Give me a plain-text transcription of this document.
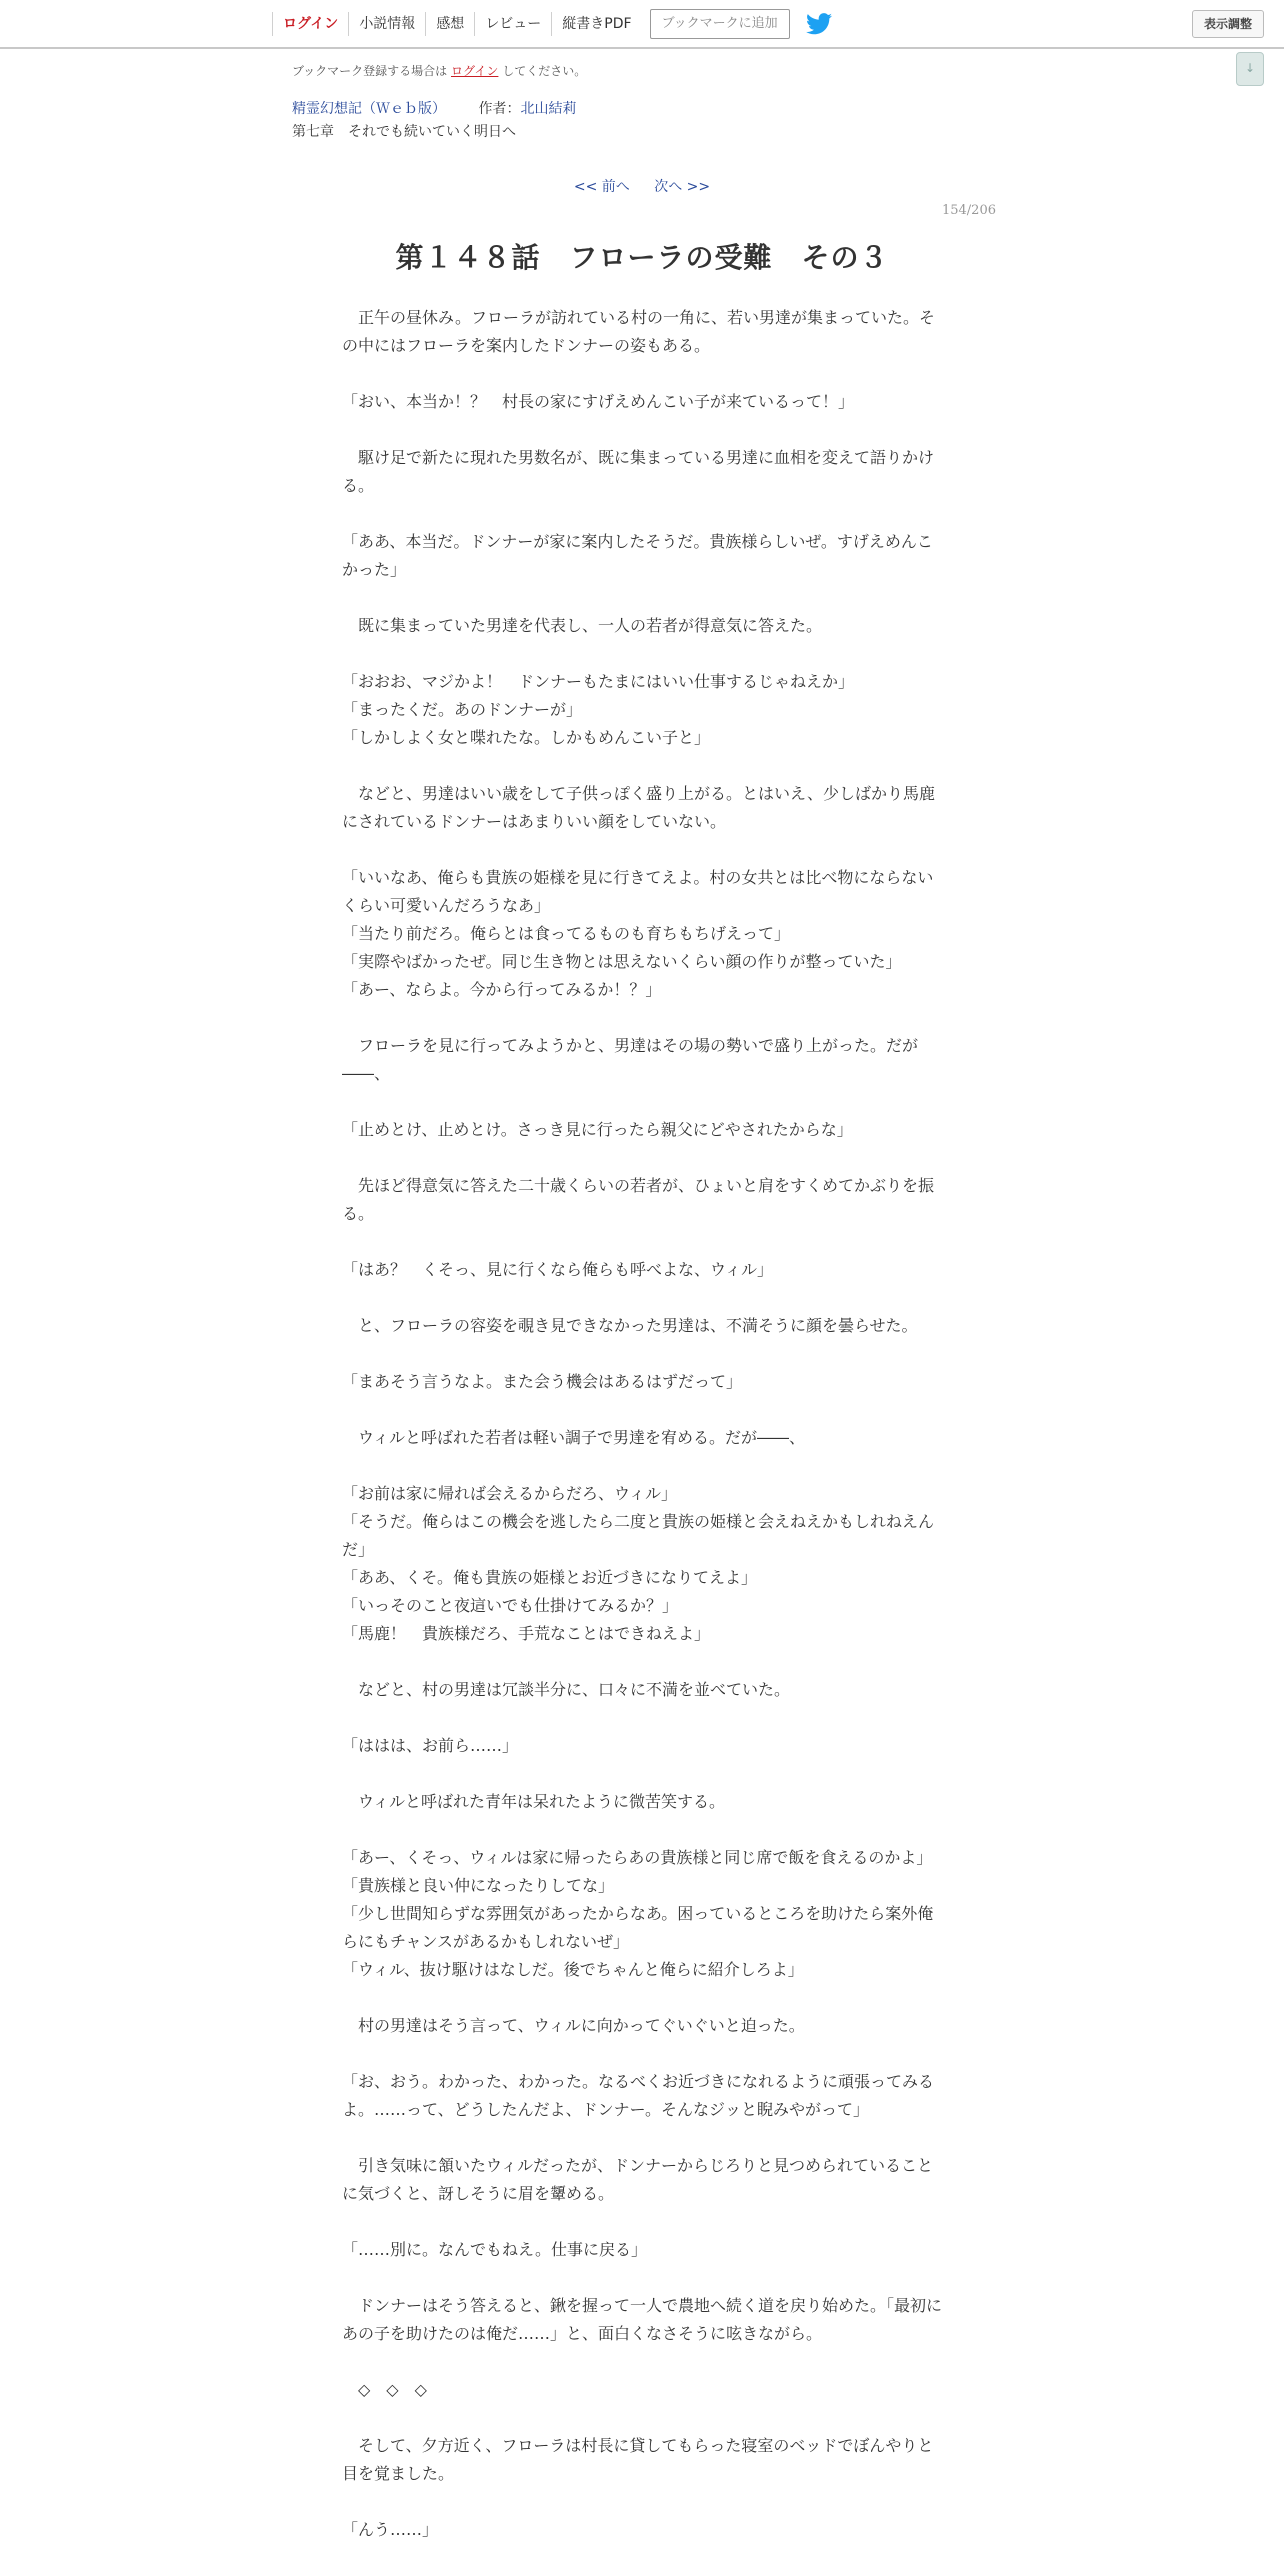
ログイン	小説情報	感想	レビュー	縦書きPDF	ブックマークに追加	表示調整
↓
ブックマーク登録する場合は ログイン してください。
精霊幻想記（Ｗｅｂ版） 作者：北山結莉
第七章　それでも続いていく明日へ
<< 前へ 次へ >>
154/206
第１４８話　フローラの受難　その３

　正午の昼休み。フローラが訪れている村の一角に、若い男達が集まっていた。その中にはフローラを案内したドンナーの姿もある。

「おい、本当か！？　村長の家にすげえめんこい子が来ているって！」

　駆け足で新たに現れた男数名が、既に集まっている男達に血相を変えて語りかける。

「ああ、本当だ。ドンナーが家に案内したそうだ。貴族様らしいぜ。すげえめんこかった」

　既に集まっていた男達を代表し、一人の若者が得意気に答えた。

「おおお、マジかよ！　ドンナーもたまにはいい仕事するじゃねえか」

「まったくだ。あのドンナーが」

「しかしよく女と喋れたな。しかもめんこい子と」

　などと、男達はいい歳をして子供っぽく盛り上がる。とはいえ、少しばかり馬鹿にされているドンナーはあまりいい顔をしていない。

「いいなあ、俺らも貴族の姫様を見に行きてえよ。村の女共とは比べ物にならないくらい可愛いんだろうなあ」

「当たり前だろ。俺らとは食ってるものも育ちもちげえって」

「実際やばかったぜ。同じ生き物とは思えないくらい顔の作りが整っていた」

「あー、ならよ。今から行ってみるか！？」

　フローラを見に行ってみようかと、男達はその場の勢いで盛り上がった。だが――、

「止めとけ、止めとけ。さっき見に行ったら親父にどやされたからな」

　先ほど得意気に答えた二十歳くらいの若者が、ひょいと肩をすくめてかぶりを振る。

「はあ？　くそっ、見に行くなら俺らも呼べよな、ウィル」

　と、フローラの容姿を覗き見できなかった男達は、不満そうに顔を曇らせた。

「まあそう言うなよ。また会う機会はあるはずだって」

　ウィルと呼ばれた若者は軽い調子で男達を宥める。だが――、

「お前は家に帰れば会えるからだろ、ウィル」

「そうだ。俺らはこの機会を逃したら二度と貴族の姫様と会えねえかもしれねえんだ」

「ああ、くそ。俺も貴族の姫様とお近づきになりてえよ」

「いっそのこと夜這いでも仕掛けてみるか？」

「馬鹿！　貴族様だろ、手荒なことはできねえよ」

　などと、村の男達は冗談半分に、口々に不満を並べていた。

「ははは、お前ら……」

　ウィルと呼ばれた青年は呆れたように微苦笑する。

「あー、くそっ、ウィルは家に帰ったらあの貴族様と同じ席で飯を食えるのかよ」

「貴族様と良い仲になったりしてな」

「少し世間知らずな雰囲気があったからなあ。困っているところを助けたら案外俺らにもチャンスがあるかもしれないぜ」

「ウィル、抜け駆けはなしだ。後でちゃんと俺らに紹介しろよ」

　村の男達はそう言って、ウィルに向かってぐいぐいと迫った。

「お、おう。わかった、わかった。なるべくお近づきになれるように頑張ってみるよ。……って、どうしたんだよ、ドンナー。そんなジッと睨みやがって」

　引き気味に頷いたウィルだったが、ドンナーからじろりと見つめられていることに気づくと、訝しそうに眉を顰める。

「……別に。なんでもねえ。仕事に戻る」

　ドンナーはそう答えると、鍬を握って一人で農地へ続く道を戻り始めた。「最初にあの子を助けたのは俺だ……」と、面白くなさそうに呟きながら。

　◇　◇　◇

　そして、夕方近く、フローラは村長に貸してもらった寝室のベッドでぼんやりと目を覚ました。

「んう……」
